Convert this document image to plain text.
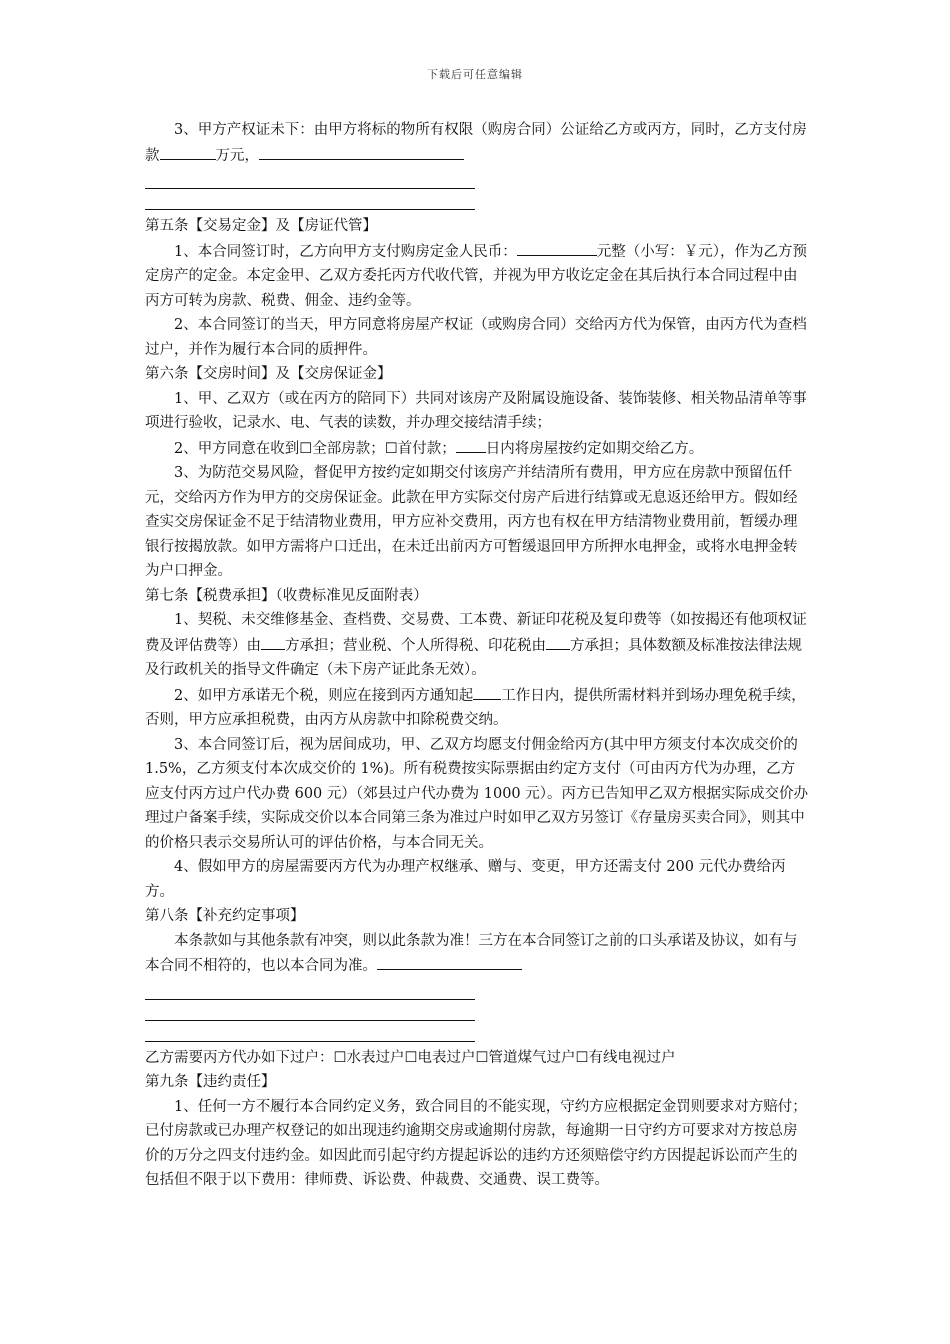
下载后可任意编辑

3、甲方产权证未下：由甲方将标的物所有权限（购房合同）公证给乙方或丙方，同时，乙方支付房款	万元，

第五条【交易定金】及【房证代管】

1、本合同签订时，乙方向甲方支付购房定金人民币：	元整（小写：￥元），作为乙方预定房产的定金。本定金甲、乙双方委托丙方代收代管，并视为甲方收讫定金在其后执行本合同过程中由丙方可转为房款、税费、佣金、违约金等。

2、本合同签订的当天，甲方同意将房屋产权证（或购房合同）交给丙方代为保管，由丙方代为查档过户，并作为履行本合同的质押件。

第六条【交房时间】及【交房保证金】

1、甲、乙双方（或在丙方的陪同下）共同对该房产及附属设施设备、装饰装修、相关物品清单等事项进行验收，记录水、电、气表的读数，并办理交接结清手续；

2、甲方同意在收到☐全部房款；☐首付款； 日内将房屋按约定如期交给乙方。

3、为防范交易风险，督促甲方按约定如期交付该房产并结清所有费用，甲方应在房款中预留伍仟元，交给丙方作为甲方的交房保证金。此款在甲方实际交付房产后进行结算或无息返还给甲方。假如经查实交房保证金不足于结清物业费用，甲方应补交费用，丙方也有权在甲方结清物业费用前，暂缓办理银行按揭放款。如甲方需将户口迁出，在未迁出前丙方可暂缓退回甲方所押水电押金，或将水电押金转为户口押金。

第七条【税费承担】（收费标准见反面附表）

1、契税、未交维修基金、查档费、交易费、工本费、新证印花税及复印费等（如按揭还有他项权证费及评估费等）由 方承担；营业税、个人所得税、印花税由 方承担；具体数额及标准按法律法规及行政机关的指导文件确定（未下房产证此条无效）。

2、如甲方承诺无个税，则应在接到丙方通知起 工作日内，提供所需材料并到场办理免税手续，否则，甲方应承担税费，由丙方从房款中扣除税费交纳。

3、本合同签订后，视为居间成功，甲、乙双方均愿支付佣金给丙方(其中甲方须支付本次成交价的 1.5%，乙方须支付本次成交价的 1%)。所有税费按实际票据由约定方支付（可由丙方代为办理，乙方应支付丙方过户代办费 600 元）（郊县过户代办费为 1000 元）。丙方已告知甲乙双方根据实际成交价办理过户备案手续，实际成交价以本合同第三条为准过户时如甲乙双方另签订《存量房买卖合同》，则其中的价格只表示交易所认可的评估价格，与本合同无关。

4、假如甲方的房屋需要丙方代为办理产权继承、赠与、变更，甲方还需支付 200 元代办费给丙方。

第八条【补充约定事项】

本条款如与其他条款有冲突，则以此条款为准！三方在本合同签订之前的口头承诺及协议，如有与本合同不相符的，也以本合同为准。

乙方需要丙方代办如下过户：☐水表过户☐电表过户☐管道煤气过户☐有线电视过户

第九条【违约责任】

1、任何一方不履行本合同约定义务，致合同目的不能实现，守约方应根据定金罚则要求对方赔付；已付房款或已办理产权登记的如出现违约逾期交房或逾期付房款，每逾期一日守约方可要求对方按总房价的万分之四支付违约金。如因此而引起守约方提起诉讼的违约方还须赔偿守约方因提起诉讼而产生的包括但不限于以下费用：律师费、诉讼费、仲裁费、交通费、误工费等。
